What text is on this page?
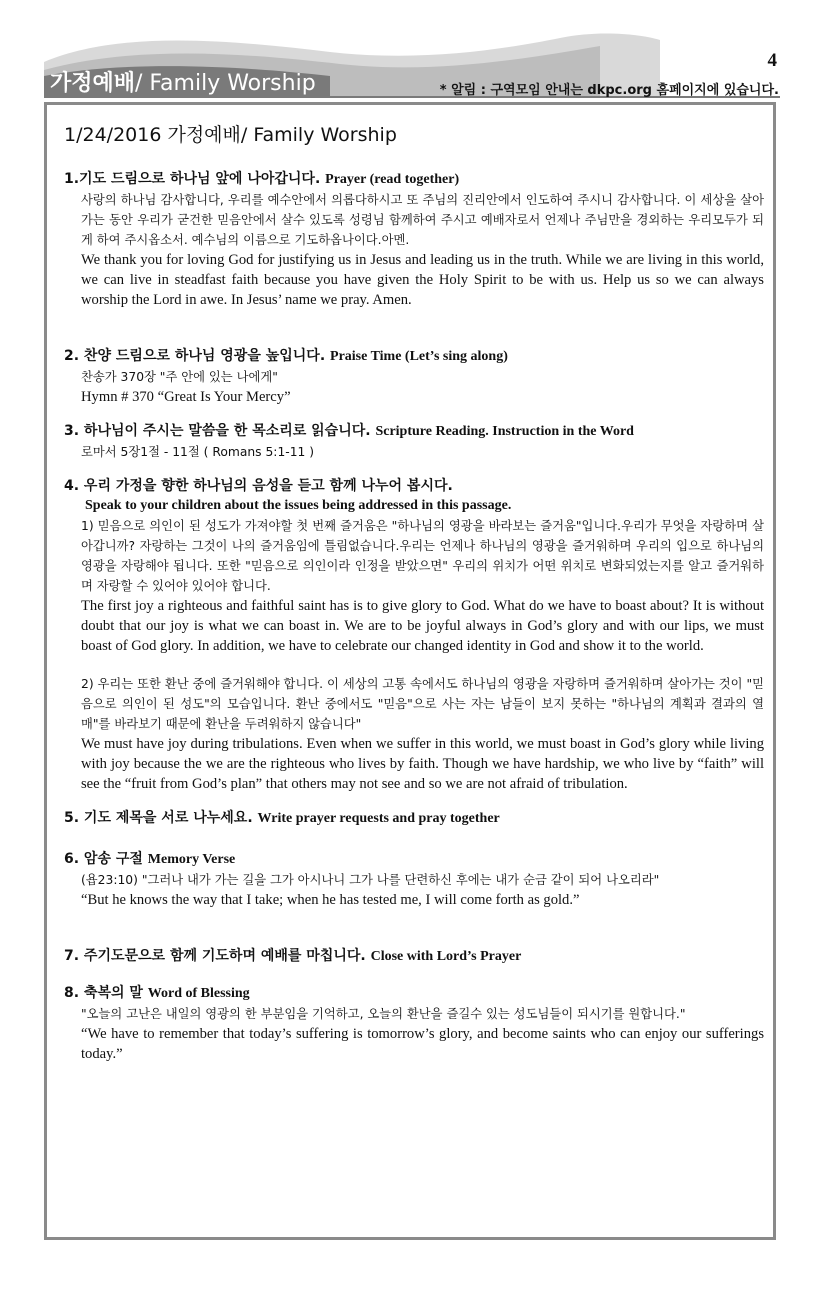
가정예배/ Family Worship
4
* 알림 : 구역모임 안내는 dkpc.org 홈페이지에 있습니다.
1/24/2016 가정예배/ Family Worship
1.기도 드림으로 하나님 앞에 나아갑니다. Prayer (read together)

사랑의 하나님 감사합니다, 우리를 예수안에서 의롭다하시고 또 주님의 진리안에서 인도하여 주시니 감사합니다. 이 세상을 살아가는 동안 우리가 굳건한 믿음안에서 살수 있도록 성령님 함께하여 주시고 예배자로서 언제나 주님만을 경외하는 우리모두가 되게 하여 주시옵소서. 예수님의 이름으로 기도하옵나이다.아멘.

We thank you for loving God for justifying us in Jesus and leading us in the truth. While we are living in this world, we can live in steadfast faith because you have given the Holy Spirit to be with us. Help us so we can always worship the Lord in awe. In Jesus’ name we pray. Amen.

2. 찬양 드림으로 하나님 영광을 높입니다. Praise Time (Let’s sing along)

찬송가 370장 "주 안에 있는 나에게"

Hymn # 370 “Great Is Your Mercy”

3. 하나님이 주시는 말씀을 한 목소리로 읽습니다. Scripture Reading. Instruction in the Word

로마서 5장1절 - 11절 ( Romans 5:1-11 )

4. 우리 가정을 향한 하나님의 음성을 듣고 함께 나누어 봅시다.
Speak to your children about the issues being addressed in this passage.

1) 믿음으로 의인이 된 성도가 가져야할 첫 번째 즐거움은 "하나님의 영광을 바라보는 즐거움"입니다.우리가 무엇을 자랑하며 살아갑니까? 자랑하는 그것이 나의 즐거움임에 틀림없습니다.우리는 언제나 하나님의 영광을 즐거워하며 우리의 입으로 하나님의 영광을 자랑해야 됩니다. 또한 "믿음으로 의인이라 인정을 받았으면" 우리의 위치가 어떤 위치로 변화되었는지를 알고 즐거워하며 자랑할 수 있어야 있어야 합니다.

The first joy a righteous and faithful saint has is to give glory to God. What do we have to boast about? It is without doubt that our joy is what we can boast in. We are to be joyful always in God’s glory and with our lips, we must boast of God glory. In addition, we have to celebrate our changed identity in God and show it to the world.

2) 우리는 또한 환난 중에 즐거워해야 합니다. 이 세상의 고통 속에서도 하나님의 영광을 자랑하며 즐거워하며 살아가는 것이 "믿음으로 의인이 된 성도"의 모습입니다. 환난 중에서도 "믿음"으로 사는 자는 남들이 보지 못하는 "하나님의 계획과 결과의 열매"를 바라보기 때문에 환난을 두려워하지 않습니다"

We must have joy during tribulations. Even when we suffer in this world, we must boast in God’s glory while living with joy because the we are the righteous who lives by faith. Though we have hardship, we who live by “faith” will see the “fruit from God’s plan” that others may not see and so we are not afraid of tribulation.

5. 기도 제목을 서로 나누세요. Write prayer requests and pray together
6. 암송 구절 Memory Verse

(욥23:10) "그러나 내가 가는 길을 그가 아시나니 그가 나를 단련하신 후에는 내가 순금 같이 되어 나오리라"

“But he knows the way that I take; when he has tested me, I will come forth as gold.”

7. 주기도문으로 함께 기도하며 예배를 마칩니다. Close with Lord’s Prayer
8. 축복의 말 Word of Blessing

"오늘의 고난은 내일의 영광의 한 부분임을 기억하고, 오늘의 환난을 즐길수 있는 성도님들이 되시기를 원합니다."

“We have to remember that today’s suffering is tomorrow’s glory, and become saints who can enjoy our sufferings today.”
